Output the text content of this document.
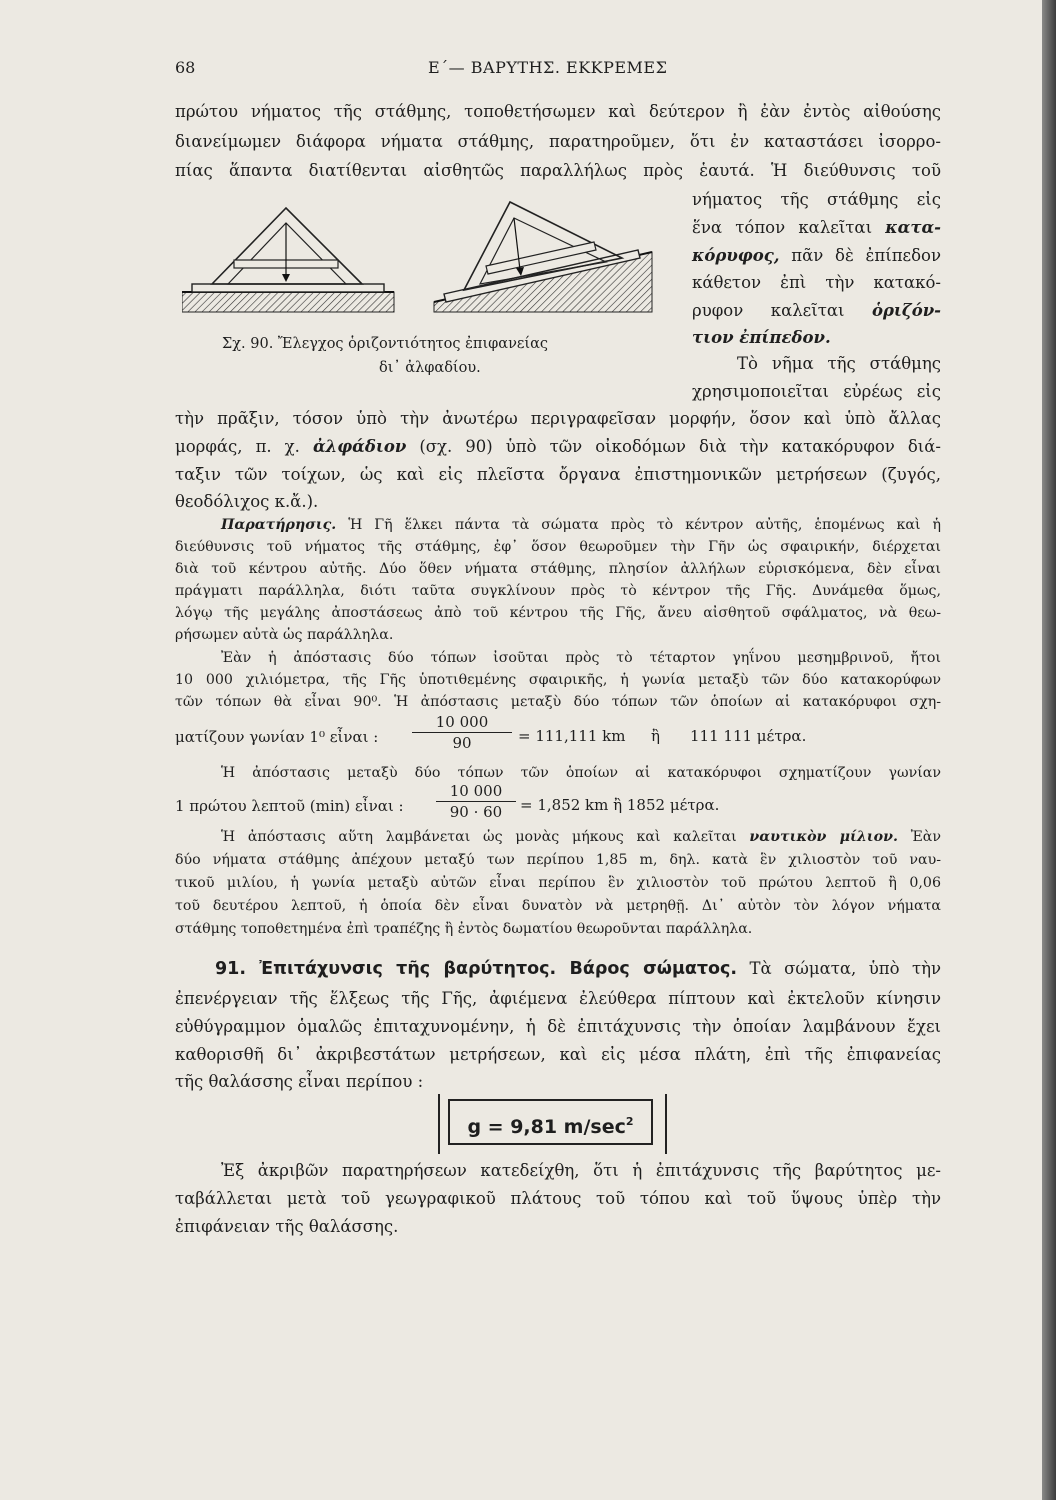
68	Ε΄— ΒΑΡΥΤΗΣ. ΕΚΚΡΕΜΕΣ
πρώτου νήματος τῆς στάθμης, τοποθετήσωμεν καὶ δεύτερον ἢ ἐὰν ἐντὸς αἰθούσης
διανείμωμεν διάφορα νήματα στάθμης, παρατηροῦμεν, ὅτι ἐν καταστάσει ἰσορρο-
πίας ἅπαντα διατίθενται αἰσθητῶς παραλλήλως πρὸς ἑαυτά. Ἡ διεύθυνσις τοῦ
νήματος τῆς στάθμης εἰς
ἕνα τόπον καλεῖται κατα-
κόρυφος, πᾶν δὲ ἐπίπεδον
κάθετον ἐπὶ τὴν κατακό-
ρυφον καλεῖται ὁριζόν-
τιον ἐπίπεδον.
Σχ. 90. Ἔλεγχος ὁριζοντιότητος ἐπιφανείας
δι᾽ ἀλφαδίου.	Τὸ νῆμα τῆς στάθμης
χρησιμοποιεῖται εὐρέως εἰς
τὴν πρᾶξιν, τόσον ὑπὸ τὴν ἀνωτέρω περιγραφεῖσαν μορφήν, ὅσον καὶ ὑπὸ ἄλλας
μορφάς, π. χ. ἀλφάδιον (σχ. 90) ὑπὸ τῶν οἰκοδόμων διὰ τὴν κατακόρυφον διά-
ταξιν τῶν τοίχων, ὡς καὶ εἰς πλεῖστα ὄργανα ἐπιστημονικῶν μετρήσεων (ζυγός,
θεοδόλιχος κ.ἄ.).
Παρατήρησις. Ἡ Γῆ ἕλκει πάντα τὰ σώματα πρὸς τὸ κέντρον αὐτῆς, ἑπομένως καὶ ἡ
διεύθυνσις τοῦ νήματος τῆς στάθμης, ἐφ᾽ ὅσον θεωροῦμεν τὴν Γῆν ὡς σφαιρικήν, διέρχεται
διὰ τοῦ κέντρου αὐτῆς. Δύο ὅθεν νήματα στάθμης, πλησίον ἀλλήλων εὑρισκόμενα, δὲν εἶναι
πράγματι παράλληλα, διότι ταῦτα συγκλίνουν πρὸς τὸ κέντρον τῆς Γῆς. Δυνάμεθα ὅμως,
λόγῳ τῆς μεγάλης ἀποστάσεως ἀπὸ τοῦ κέντρου τῆς Γῆς, ἄνευ αἰσθητοῦ σφάλματος, νὰ θεω-
ρήσωμεν αὐτὰ ὡς παράλληλα.
Ἐὰν ἡ ἀπόστασις δύο τόπων ἰσοῦται πρὸς τὸ τέταρτον γηΐνου μεσημβρινοῦ, ἤτοι
10 000 χιλιόμετρα, τῆς Γῆς ὑποτιθεμένης σφαιρικῆς, ἡ γωνία μεταξὺ τῶν δύο κατακορύφων
τῶν τόπων θὰ εἶναι 90⁰. Ἡ ἀπόστασις μεταξὺ δύο τόπων τῶν ὁποίων αἱ κατακόρυφοι σχη-
ματίζουν γωνίαν 1⁰ εἶναι :
10 000
90	= 111,111 km ἢ 111 111 μέτρα.
Ἡ ἀπόστασις μεταξὺ δύο τόπων τῶν ὁποίων αἱ κατακόρυφοι σχηματίζουν γωνίαν
1 πρώτου λεπτοῦ (min) εἶναι :
10 000
90 · 60	= 1,852 km ἢ 1852 μέτρα.
Ἡ ἀπόστασις αὕτη λαμβάνεται ὡς μονὰς μήκους καὶ καλεῖται ναυτικὸν μίλιον. Ἐὰν
δύο νήματα στάθμης ἀπέχουν μεταξύ των περίπου 1,85 m, δηλ. κατὰ ἓν χιλιοστὸν τοῦ ναυ-
τικοῦ μιλίου, ἡ γωνία μεταξὺ αὐτῶν εἶναι περίπου ἓν χιλιοστὸν τοῦ πρώτου λεπτοῦ ἢ 0,06
τοῦ δευτέρου λεπτοῦ, ἡ ὁποία δὲν εἶναι δυνατὸν νὰ μετρηθῇ. Δι᾽ αὐτὸν τὸν λόγον νήματα
στάθμης τοποθετημένα ἐπὶ τραπέζης ἢ ἐντὸς δωματίου θεωροῦνται παράλληλα.
91. Ἐπιτάχυνσις τῆς βαρύτητος. Βάρος σώματος. Τὰ σώματα, ὑπὸ τὴν
ἐπενέργειαν τῆς ἕλξεως τῆς Γῆς, ἀφιέμενα ἐλεύθερα πίπτουν καὶ ἐκτελοῦν κίνησιν
εὐθύγραμμον ὁμαλῶς ἐπιταχυνομένην, ἡ δὲ ἐπιτάχυνσις τὴν ὁποίαν λαμβάνουν ἔχει
καθορισθῆ δι᾽ ἀκριβεστάτων μετρήσεων, καὶ εἰς μέσα πλάτη, ἐπὶ τῆς ἐπιφανείας
τῆς θαλάσσης εἶναι περίπου :
g = 9,81 $m/\sec^2$
Ἐξ ἀκριβῶν παρατηρήσεων κατεδείχθη, ὅτι ἡ ἐπιτάχυνσις τῆς βαρύτητος με-
ταβάλλεται μετὰ τοῦ γεωγραφικοῦ πλάτους τοῦ τόπου καὶ τοῦ ὕψους ὑπὲρ τὴν
ἐπιφάνειαν τῆς θαλάσσης.
